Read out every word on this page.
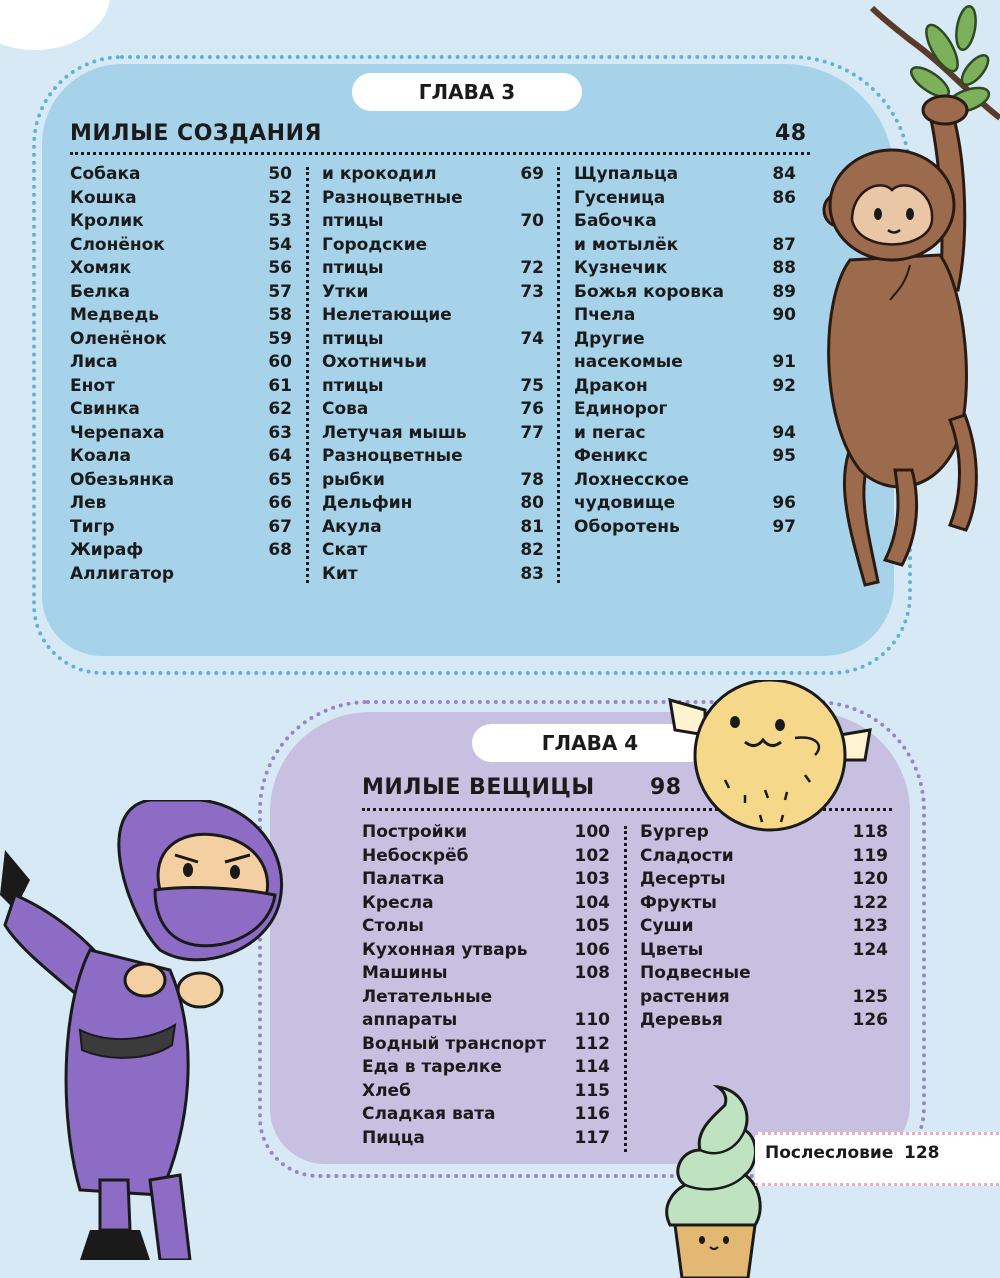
ГЛАВА 3
МИЛЫЕ СОЗДАНИЯ	48
Собака	50
Кошка	52
Кролик	53
Слонёнок	54
Хомяк	56
Белка	57
Медведь	58
Оленёнок	59
Лиса	60
Енот	61
Свинка	62
Черепаха	63
Коала	64
Обезьянка	65
Лев	66
Тигр	67
Жираф	68
Аллигатор
и крокодил	69
Разноцветные
птицы	70
Городские
птицы	72
Утки	73
Нелетающие
птицы	74
Охотничьи
птицы	75
Сова	76
Летучая мышь	77
Разноцветные
рыбки	78
Дельфин	80
Акула	81
Скат	82
Кит	83
Щупальца	84
Гусеница	86
Бабочка
и мотылёк	87
Кузнечик	88
Божья коровка	89
Пчела	90
Другие
насекомые	91
Дракон	92
Единорог
и пегас	94
Феникс	95
Лохнесское
чудовище	96
Оборотень	97
ГЛАВА 4
МИЛЫЕ ВЕЩИЦЫ	98
Постройки	100
Небоскрёб	102
Палатка	103
Кресла	104
Столы	105
Кухонная утварь	106
Машины	108
Летательные
аппараты	110
Водный транспорт 112
Еда в тарелке	114
Хлеб	115
Сладкая вата	116
Пицца	117
Бургер	118
Сладости	119
Десерты	120
Фрукты	122
Суши	123
Цветы	124
Подвесные
растения	125
Деревья	126
Послесловие 128
